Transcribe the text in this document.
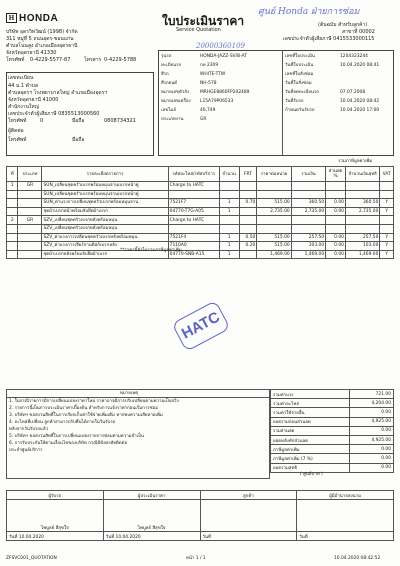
H HONDA	ใบประเมินราคา
Service Quotation
ศูนย์ Honda ฝ่ายการซ่อม
20000360109
(ต้นฉบับ สำหรับลูกค้า)
สาขาที่ 00002
เลขประจำตัวผู้เสียภาษี 0415533000115
บริษัท อุดรวิทวัฒน์ (1998) จำกัด
311 หมู่ที่ 5 ถนนอุดร-ขอนแก่น
ตำบลโนนสูง อำเภอเมืองอุดรธานี
จังหวัดอุดรธานี 41330
โทรศัพท์ 0-4229-5577-87	โทรสาร 0-4229-5788
เลขทะเบียน
44 ม.1 ตำบล
ตำบลอุดรฯ โรงพยาบาลใหญ่ อำเภอเมืองอุดรฯ
จังหวัดอุดรธานี 41000
สำนักงานใหญ่
เลขประจำตัวผู้เสียภาษี 0835513000560
โทรศัพท์	0	มือถือ	0808734321
ผู้ติดต่อ
โทรศัพท์	มือถือ
รุ่นรถ	HONDA-JAZZ-SV/B-AT
ทะเบียนรถ	กท 2309
สีรถ	WHITE-TTW
สีรถยนต์	NH-578
หมายเลขตัวถัง MRHGE8860FP202489
หมายเลขเครื่อง L15A79P06533
เลขไมล์	40,749
ประเภทงาน	GR
เลขที่ใบประเมิน	1204323244
วันที่ใบประเมิน	10.04.2020 08:41
เลขที่ใบสั่งซ่อม
วันที่ใบสั่งซ่อม
วันที่จดทะเบียนรถ	07.07.2008
วันที่รับรถ	10.04.2020 08:42
กำหนดวันรับรถ	10.04.2020 17:00
รวมภาษีมูลค่าเพิ่ม
ที่	ประเภท	รายละเอียดรายการ	รหัสอะไหล่/รหัสบริการ	จำนวน	FRT	ราคาต่อหน่วย	รวมเงิน	ส่วนลด %	จำนวนเงินสุทธิ	VAT
1	GR	SUN_เปลี่ยนชุดครัวเบรกพร้อมหมุนจานเบรกหน้าคู่	Charge to HATC							
		SUN_เปลี่ยนชุดครัวเบรกพร้อมหมุนจานเบรกหน้าคู่								
		SUN_ค่าแรงการเปลี่ยนชุดครัวเบรกพร้อมหมุนจาน	7521F7	1	0.70	515.00	360.50	0.00	360.50	Y
		ชุดผ้าเบรกหน้าพร้อมจับยึดผ้าเบรก	04770-T7G-A05	1		2,735.00	2,735.00	0.00	2,735.00	Y
2	GR	SZV_เปลี่ยนชุดครัวเบรกหลังพร้อมหมุน	Charge to HATC							
		SZV_เปลี่ยนชุดครัวเบรกหลังพร้อมหมุน								
		SZV_ค่าแรงการเปลี่ยนชุดครัวเบรกหลังพร้อมหมุน	7521F4	1	0.50	515.00	257.50	0.00	257.50	Y
		SZV_ค่าแรงการเจียร์จานดิสก์เบรกหลัง	7110A0	1	0.20	515.00	103.00	0.00	103.00	Y
		ชุดผ้าเบรกหลังพร้อมจับยึดผ้าเบรก	04770-SNB-A15	1		1,469.00	1,469.00	0.00	1,469.00	Y
**ราคานี้ยังไม่รวมภาษีมูลค่าเพิ่ม
HATC
หมายเหตุ
1. ในกรณีรายการมีการเปลี่ยนแปลงราคาใหม่ ราคาอาจมีการปรับเปลี่ยนตามความเป็นจริง
2. รายการนี้เป็นการประเมินราคาเบื้องต้น สำหรับการแจ้งราคาก่อนเริ่มการซ่อม
3. บริษัทฯ ขอสงวนสิทธิ์ในการเรียกเก็บค่าใช้จ่ายเพิ่มเติม หากพบความเสียหายเพิ่ม
4. อะไหล่ที่เปลี่ยน ลูกค้าสามารถรับคืนได้ภายในวันรับรถ
หลังจากวันรับรถแล้ว
5. บริษัทฯ ขอสงวนสิทธิ์ในการเปลี่ยนแปลงรายการซ่อมตามความจำเป็น
6. การรับประกันให้ตามเงื่อนไขของบริษัท กรณีมีข้อสงสัยติดต่อ
ประจำศูนย์บริการ
รวมค่าแรง	721.00
รวมค่าอะไหล่	4,204.00
รวมค่าใช้จ่ายอื่น	0.00
ยอดรวมก่อนส่วนลด	4,925.00
รวมส่วนลด	0.00
ยอดหลังหักส่วนลด	4,925.00
ภาษีมูลค่าเพิ่ม	0.00
ภาษีมูลค่าเพิ่ม (7 %)	0.00
ยอดรวมสุทธิ	0.00
( ศูนย์บาท )
ผู้รับรถ	ผู้ประเมินราคา	ลูกค้า	ผู้มีอำนาจลงนาม
ไพบูลย์ สีสุขใจ	ไพบูลย์ สีสุขใจ		
วันที่ 10.04.2020	วันที่ 10.04.2020	วันที่	วันที่
ZFSVC001_QUOTATION	หน้า 1 / 1	10.04.2020 08:42:52
